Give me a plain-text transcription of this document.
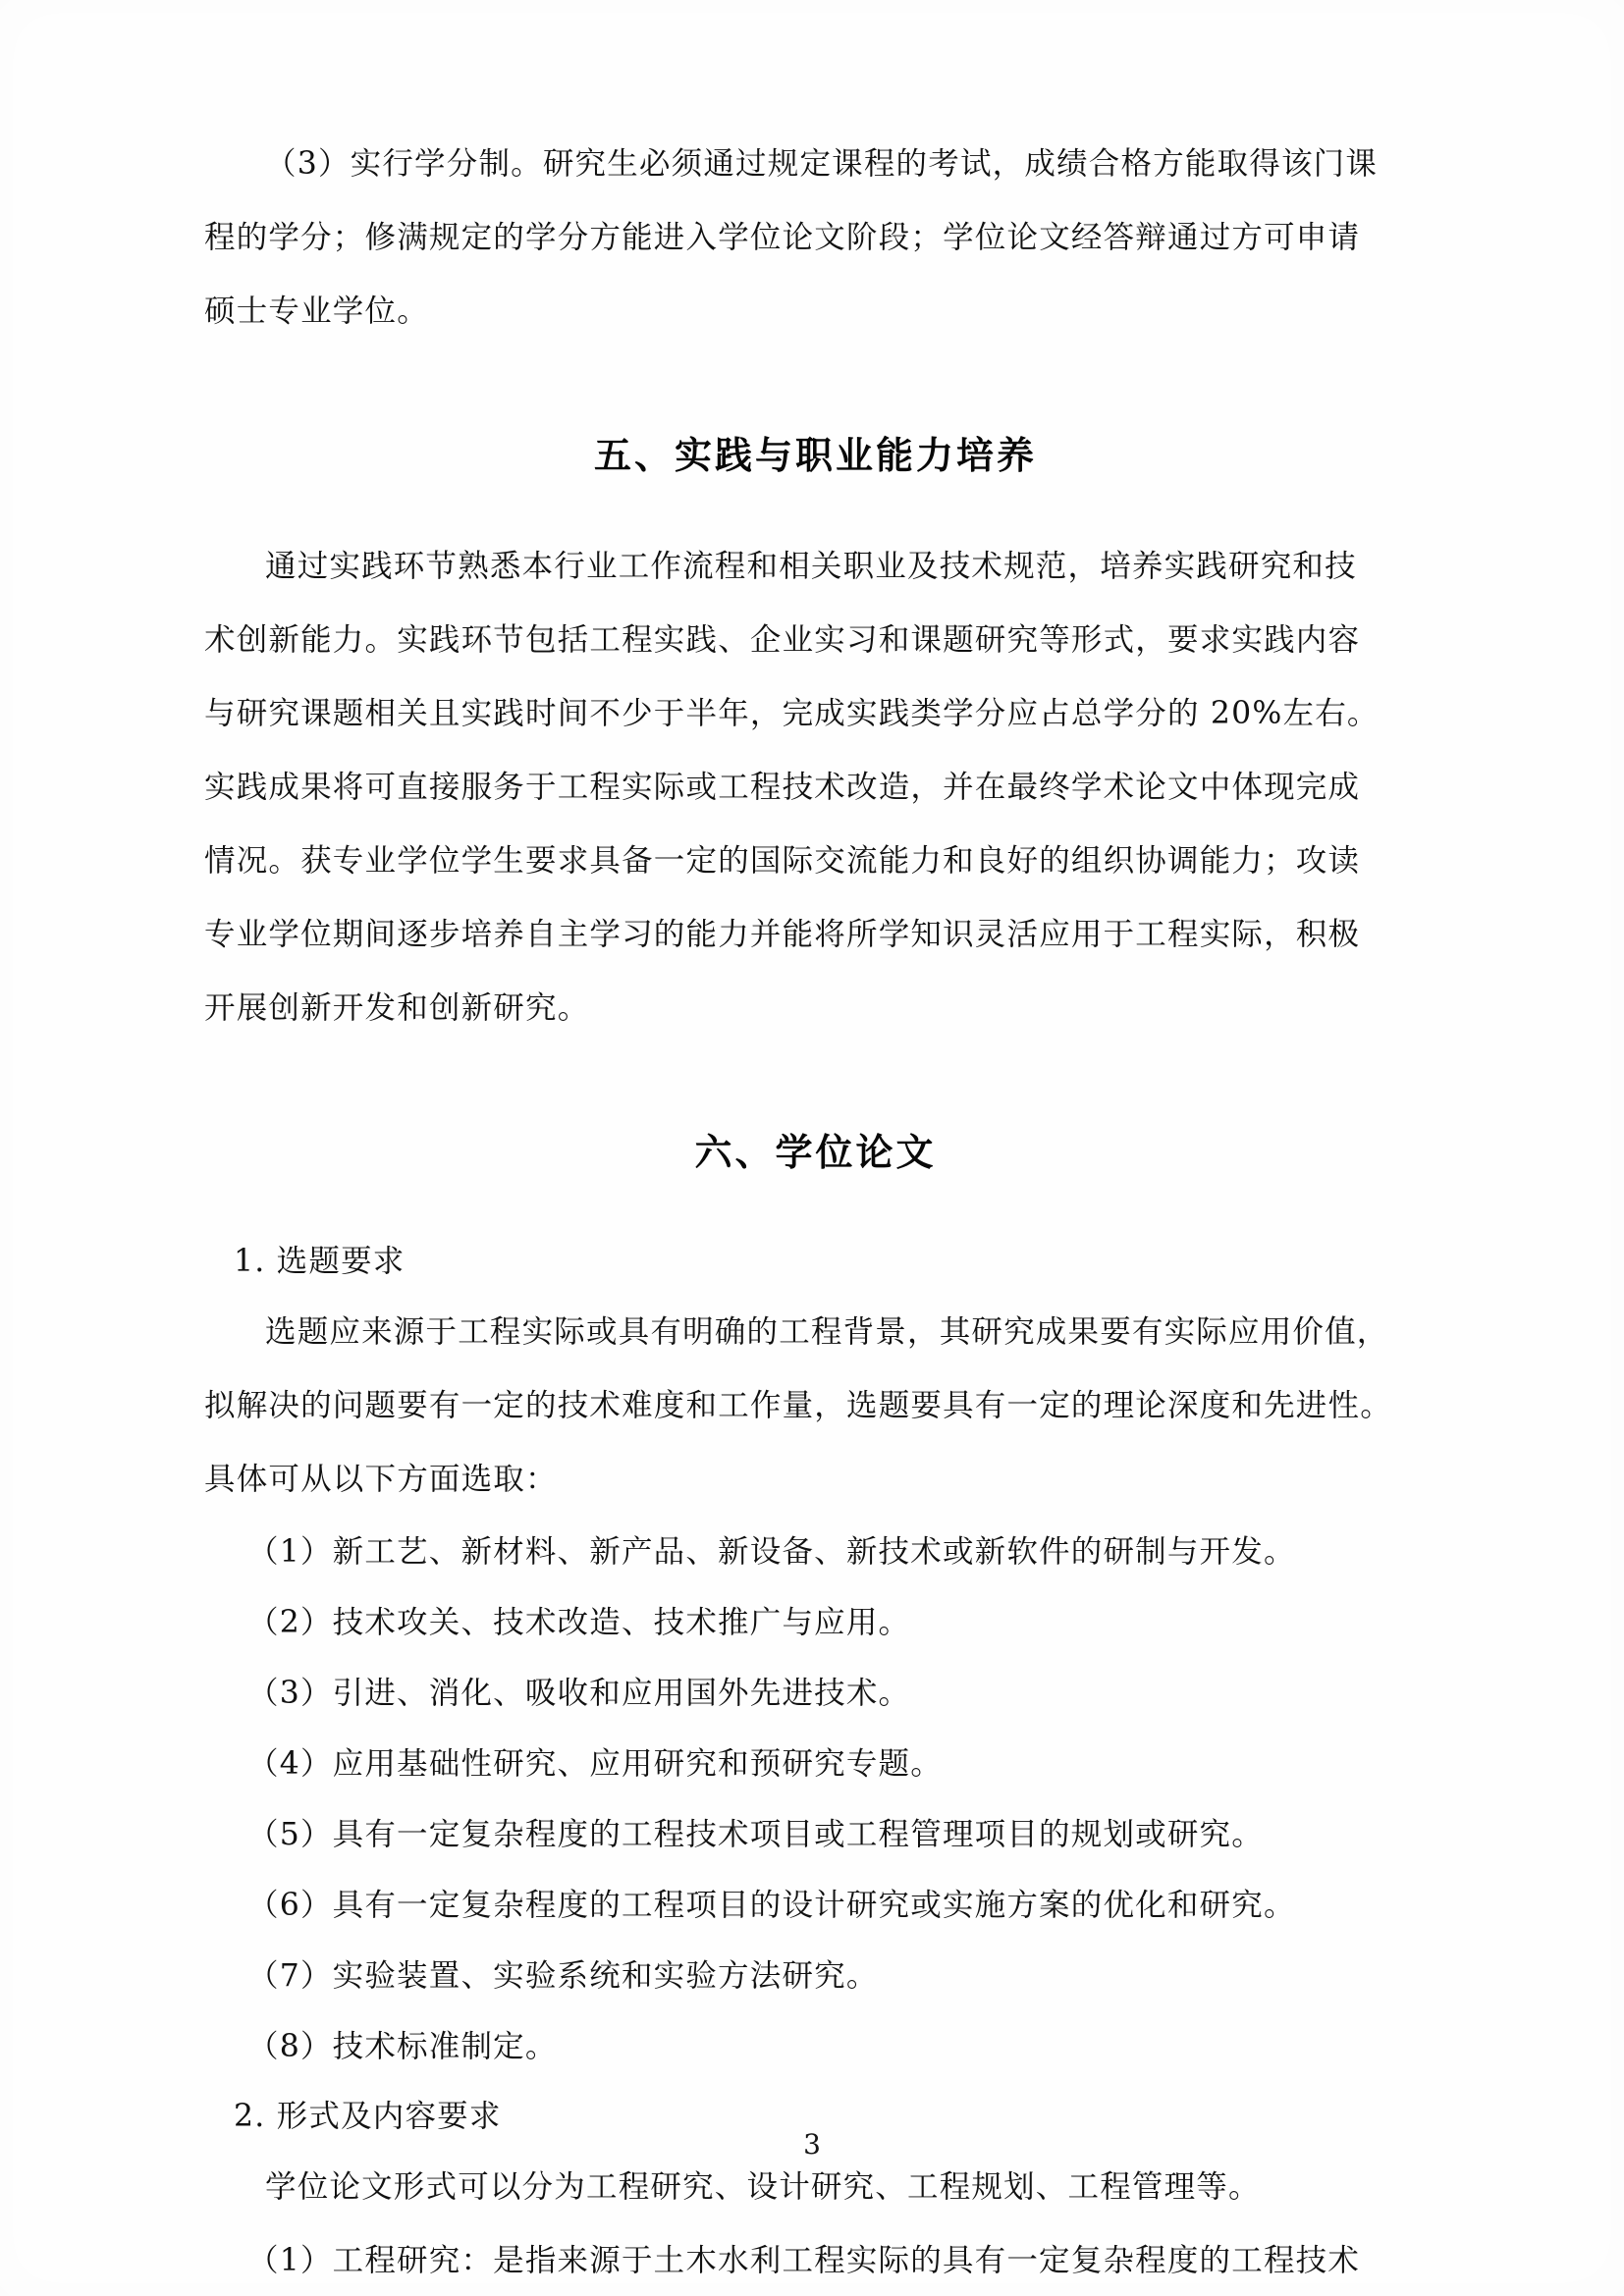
（3）实行学分制。研究生必须通过规定课程的考试，成绩合格方能取得该门课
程的学分；修满规定的学分方能进入学位论文阶段；学位论文经答辩通过方可申请
硕士专业学位。

五、实践与职业能力培养

通过实践环节熟悉本行业工作流程和相关职业及技术规范，培养实践研究和技
术创新能力。实践环节包括工程实践、企业实习和课题研究等形式，要求实践内容
与研究课题相关且实践时间不少于半年，完成实践类学分应占总学分的 20%左右。
实践成果将可直接服务于工程实际或工程技术改造，并在最终学术论文中体现完成
情况。获专业学位学生要求具备一定的国际交流能力和良好的组织协调能力；攻读
专业学位期间逐步培养自主学习的能力并能将所学知识灵活应用于工程实际，积极
开展创新开发和创新研究。

六、学位论文

1. 选题要求

选题应来源于工程实际或具有明确的工程背景，其研究成果要有实际应用价值，
拟解决的问题要有一定的技术难度和工作量，选题要具有一定的理论深度和先进性。
具体可从以下方面选取：

（1）新工艺、新材料、新产品、新设备、新技术或新软件的研制与开发。

（2）技术攻关、技术改造、技术推广与应用。

（3）引进、消化、吸收和应用国外先进技术。

（4）应用基础性研究、应用研究和预研究专题。

（5）具有一定复杂程度的工程技术项目或工程管理项目的规划或研究。

（6）具有一定复杂程度的工程项目的设计研究或实施方案的优化和研究。

（7）实验装置、实验系统和实验方法研究。

（8）技术标准制定。

2. 形式及内容要求

学位论文形式可以分为工程研究、设计研究、工程规划、工程管理等。

（1）工程研究：是指来源于土木水利工程实际的具有一定复杂程度的工程技术

3
